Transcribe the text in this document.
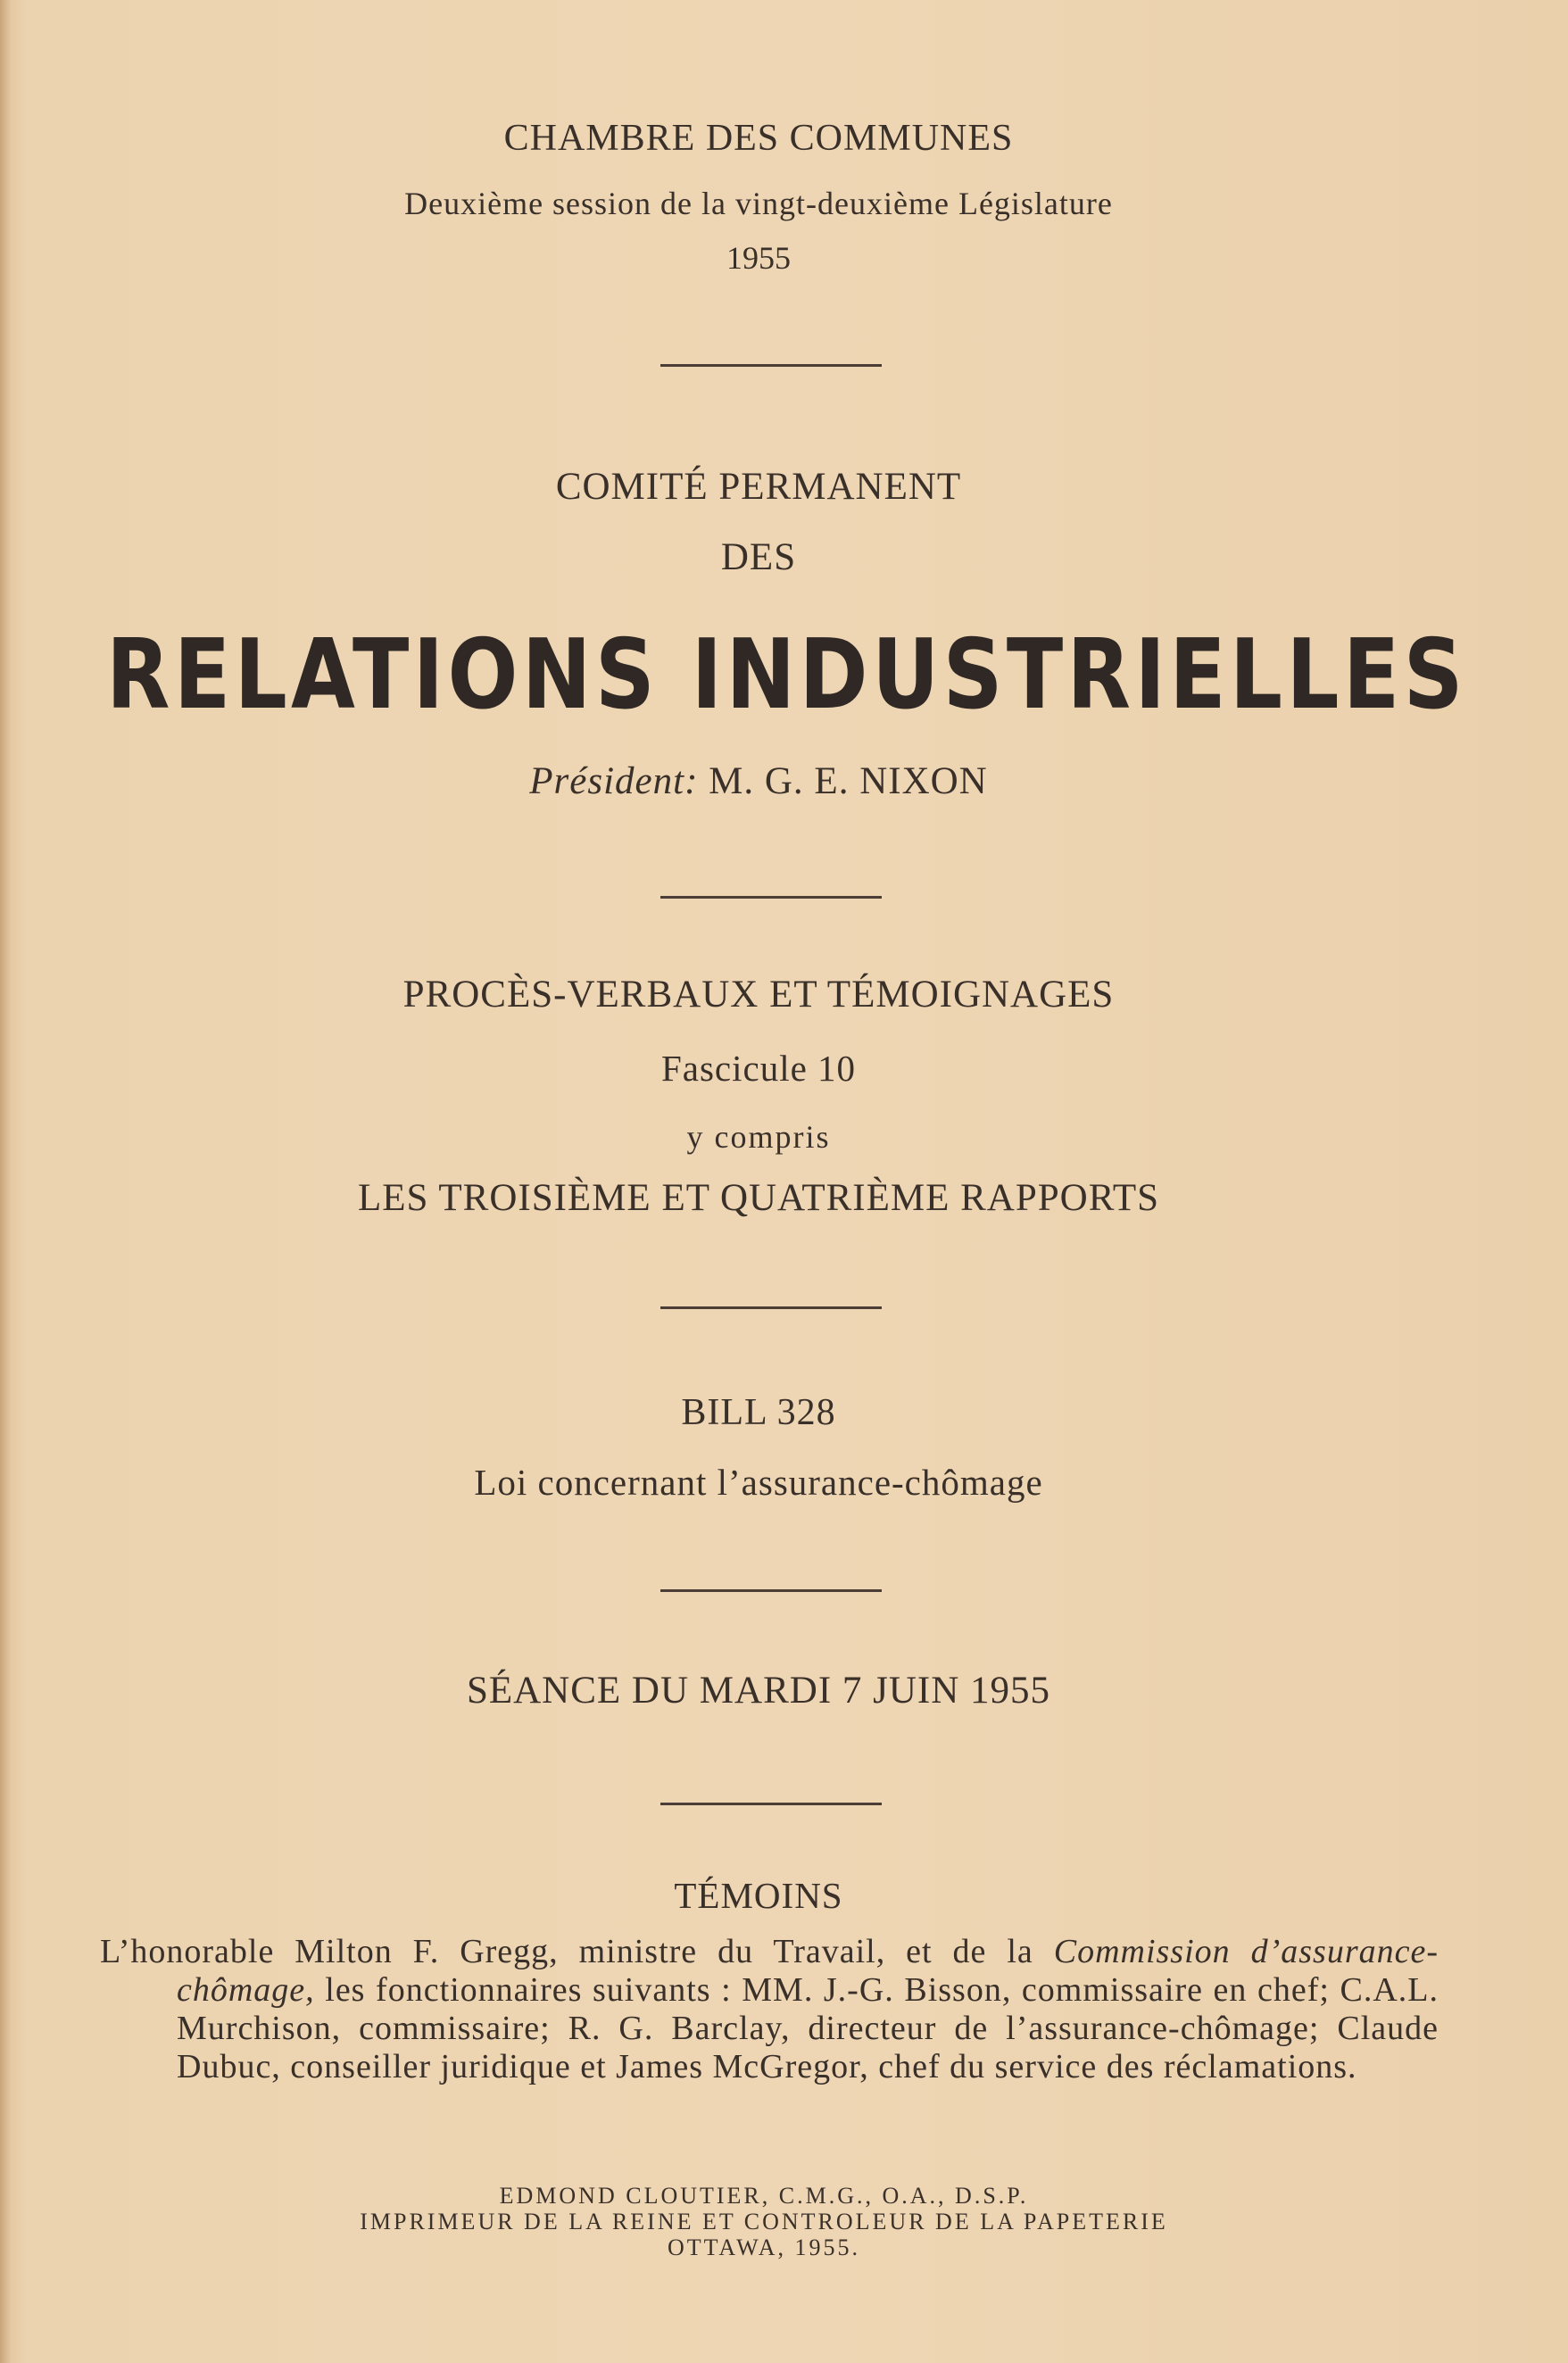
CHAMBRE DES COMMUNES
Deuxième session de la vingt-deuxième Législature
1955
COMITÉ PERMANENT
DES
RELATIONS INDUSTRIELLES
Président: M. G. E. NIXON
PROCÈS-VERBAUX ET TÉMOIGNAGES
Fascicule 10
y compris
LES TROISIÈME ET QUATRIÈME RAPPORTS
BILL 328
Loi concernant l’assurance-chômage
SÉANCE DU MARDI 7 JUIN 1955
TÉMOINS
L’honorable Milton F. Gregg, ministre du Travail, et de la Commission d’assurance-chômage, les fonctionnaires suivants : MM. J.-G. Bisson, commissaire en chef; C.A.L. Murchison, commissaire; R. G. Barclay, directeur de l’assurance-chômage; Claude Dubuc, conseiller juridique et James McGregor, chef du service des réclamations.
EDMOND CLOUTIER, C.M.G., O.A., D.S.P.
IMPRIMEUR DE LA REINE ET CONTROLEUR DE LA PAPETERIE
OTTAWA, 1955.
